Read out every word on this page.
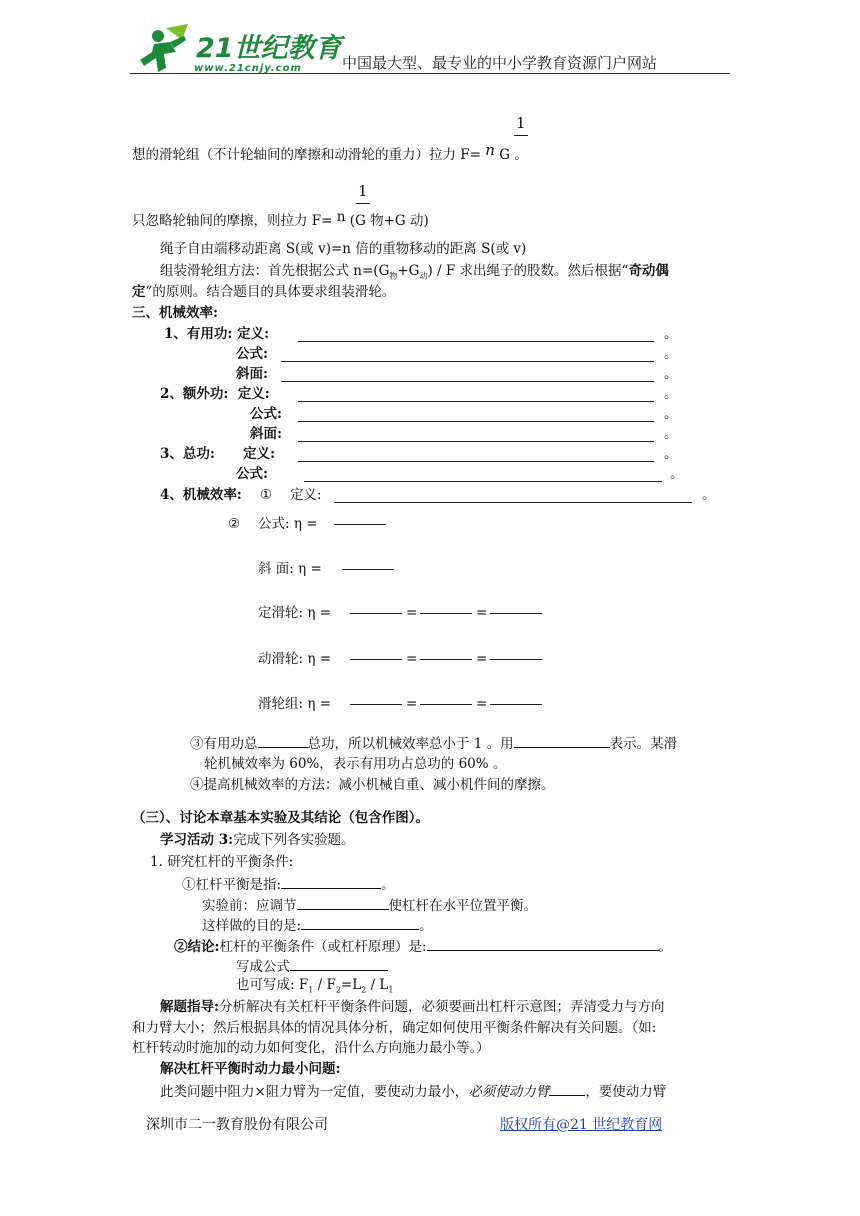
21世纪教育
www.21cnjy.com	中国最大型、最专业的中小学教育资源门户网站
1
想的滑轮组（不计轮轴间的摩擦和动滑轮的重力）拉力 F= n G 。
1
只忽略轮轴间的摩擦，则拉力 F= n (G 物+G 动)
绳子自由端移动距离 S(或 v)=n 倍的重物移动的距离 S(或 v)
组装滑轮组方法：首先根据公式 $n=(G_物+G_动) / F$ 求出绳子的股数。然后根据“奇动偶
定”的原则。结合题目的具体要求组装滑轮。
三、机械效率:
1、有用功: 定义:	。
公式:	。
斜面:	。
2、额外功: 定义:	。
公式:	。
斜面:	。
3、总功: 定义:	。
公式:	。
4、机械效率: ① 定义:	。
② 公式: η =
斜 面: η =
定滑轮: η =	=	=
动滑轮: η =	=	=
滑轮组: η =	=	=
③有用功总	总功，所以机械效率总小于 1 。用	表示。某滑
轮机械效率为 60%，表示有用功占总功的 60% 。
④提高机械效率的方法：减小机械自重、减小机件间的摩擦。
（三）、讨论本章基本实验及其结论（包含作图）。
学习活动 3:完成下列各实验题。
1. 研究杠杆的平衡条件:
①杠杆平衡是指:	。
实验前：应调节	使杠杆在水平位置平衡。
这样做的目的是:	。
②结论:杠杆的平衡条件（或杠杆原理）是:	。
写成公式
也可写成: $F_1 / F_2=L_2 / L_1$
解题指导:分析解决有关杠杆平衡条件问题，必须要画出杠杆示意图；弄清受力与方向
和力臂大小；然后根据具体的情况具体分析，确定如何使用平衡条件解决有关问题。（如:
杠杆转动时施加的动力如何变化，沿什么方向施力最小等。）
解决杠杆平衡时动力最小问题:
此类问题中阻力×阻力臂为一定值，要使动力最小，必须使动力臂	，要使动力臂
深圳市二一教育股份有限公司	版权所有@21 世纪教育网
